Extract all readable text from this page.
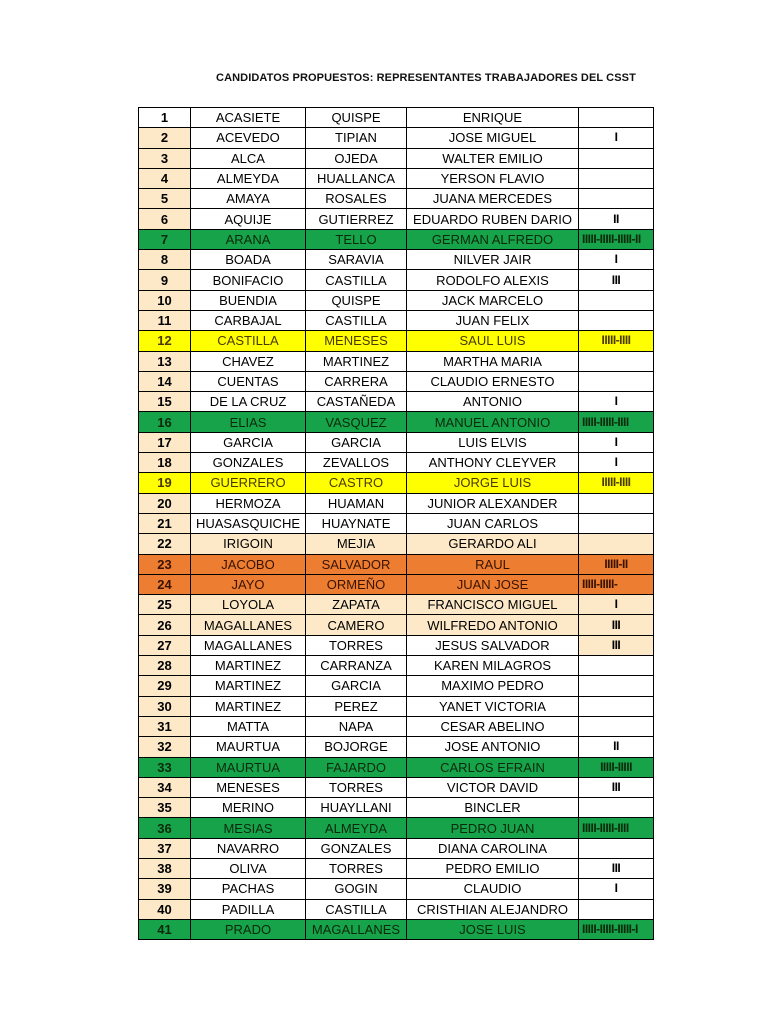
CANDIDATOS PROPUESTOS: REPRESENTANTES TRABAJADORES DEL CSST
1	ACASIETE	QUISPE	ENRIQUE	
2	ACEVEDO	TIPIAN	JOSE MIGUEL	I
3	ALCA	OJEDA	WALTER EMILIO	
4	ALMEYDA	HUALLANCA	YERSON FLAVIO	
5	AMAYA	ROSALES	JUANA MERCEDES	
6	AQUIJE	GUTIERREZ	EDUARDO RUBEN DARIO	II
7	ARANA	TELLO	GERMAN ALFREDO	IIIII-IIIII-IIIII-II
8	BOADA	SARAVIA	NILVER JAIR	I
9	BONIFACIO	CASTILLA	RODOLFO ALEXIS	III
10	BUENDIA	QUISPE	JACK MARCELO	
11	CARBAJAL	CASTILLA	JUAN FELIX	
12	CASTILLA	MENESES	SAUL LUIS	IIIII-IIII
13	CHAVEZ	MARTINEZ	MARTHA MARIA	
14	CUENTAS	CARRERA	CLAUDIO ERNESTO	
15	DE LA CRUZ	CASTAÑEDA	ANTONIO	I
16	ELIAS	VASQUEZ	MANUEL ANTONIO	IIIII-IIIII-IIII
17	GARCIA	GARCIA	LUIS ELVIS	I
18	GONZALES	ZEVALLOS	ANTHONY CLEYVER	I
19	GUERRERO	CASTRO	JORGE LUIS	IIIII-IIII
20	HERMOZA	HUAMAN	JUNIOR ALEXANDER	
21	HUASASQUICHE	HUAYNATE	JUAN CARLOS	
22	IRIGOIN	MEJIA	GERARDO ALI	
23	JACOBO	SALVADOR	RAUL	IIIII-II
24	JAYO	ORMEÑO	JUAN JOSE	IIIII-IIIII-
25	LOYOLA	ZAPATA	FRANCISCO MIGUEL	I
26	MAGALLANES	CAMERO	WILFREDO ANTONIO	III
27	MAGALLANES	TORRES	JESUS SALVADOR	III
28	MARTINEZ	CARRANZA	KAREN MILAGROS	
29	MARTINEZ	GARCIA	MAXIMO PEDRO	
30	MARTINEZ	PEREZ	YANET VICTORIA	
31	MATTA	NAPA	CESAR ABELINO	
32	MAURTUA	BOJORGE	JOSE ANTONIO	II
33	MAURTUA	FAJARDO	CARLOS EFRAIN	IIIII-IIIII
34	MENESES	TORRES	VICTOR DAVID	III
35	MERINO	HUAYLLANI	BINCLER	
36	MESIAS	ALMEYDA	PEDRO JUAN	IIIII-IIIII-IIII
37	NAVARRO	GONZALES	DIANA CAROLINA	
38	OLIVA	TORRES	PEDRO EMILIO	III
39	PACHAS	GOGIN	CLAUDIO	I
40	PADILLA	CASTILLA	CRISTHIAN ALEJANDRO	
41	PRADO	MAGALLANES	JOSE LUIS	IIIII-IIIII-IIIII-I
